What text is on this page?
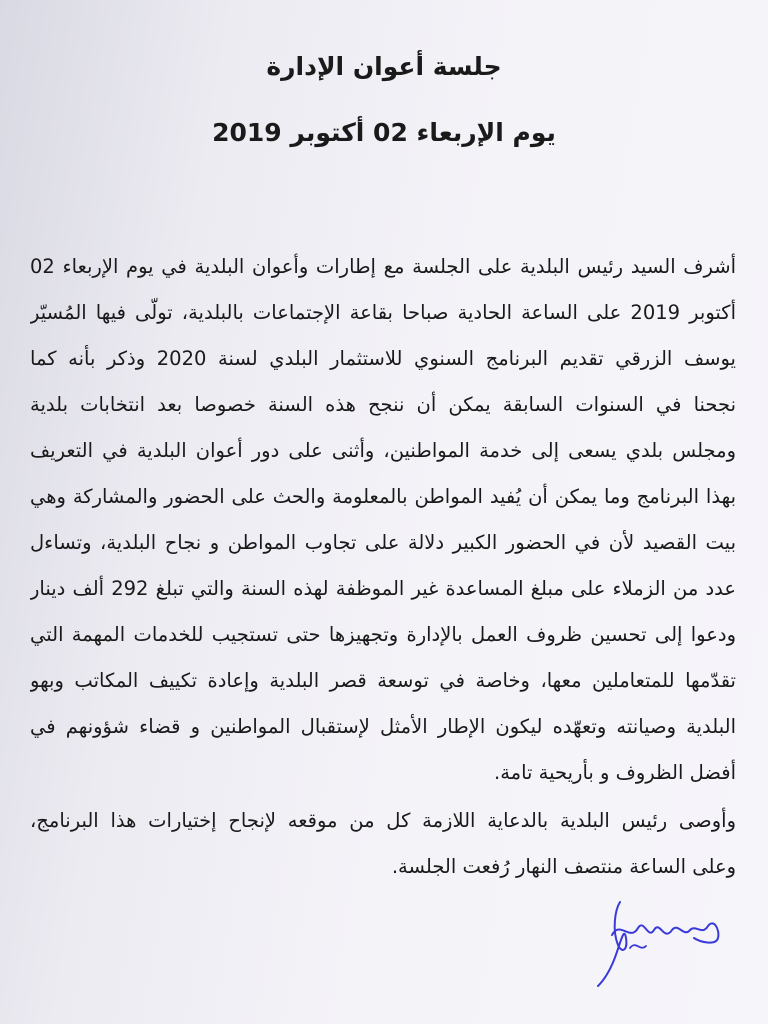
جلسة أعوان الإدارة
يوم الإربعاء 02 أكتوبر 2019
أشرف السيد رئيس البلدية على الجلسة مع إطارات وأعوان البلدية في يوم الإربعاء 02
أكتوبر 2019 على الساعة الحادية صباحا بقاعة الإجتماعات بالبلدية، تولّى فيها المُسيّر
يوسف الزرقي تقديم البرنامج السنوي للاستثمار البلدي لسنة 2020 وذكر بأنه كما
نجحنا في السنوات السابقة يمكن أن ننجح هذه السنة خصوصا بعد انتخابات بلدية
ومجلس بلدي يسعى إلى خدمة المواطنين، وأثنى على دور أعوان البلدية في التعريف
بهذا البرنامج وما يمكن أن يُفيد المواطن بالمعلومة والحث على الحضور والمشاركة وهي
بيت القصيد لأن في الحضور الكبير دلالة على تجاوب المواطن و نجاح البلدية، وتساءل
عدد من الزملاء على مبلغ المساعدة غير الموظفة لهذه السنة والتي تبلغ 292 ألف دينار
ودعوا إلى تحسين ظروف العمل بالإدارة وتجهيزها حتى تستجيب للخدمات المهمة التي
تقدّمها للمتعاملين معها، وخاصة في توسعة قصر البلدية وإعادة تكييف المكاتب وبهو
البلدية وصيانته وتعهّده ليكون الإطار الأمثل لإستقبال المواطنين و قضاء شؤونهم في
أفضل الظروف و بأريحية تامة.
وأوصى رئيس البلدية بالدعاية اللازمة كل من موقعه لإنجاح إختيارات هذا البرنامج،
وعلى الساعة منتصف النهار رُفعت الجلسة.
